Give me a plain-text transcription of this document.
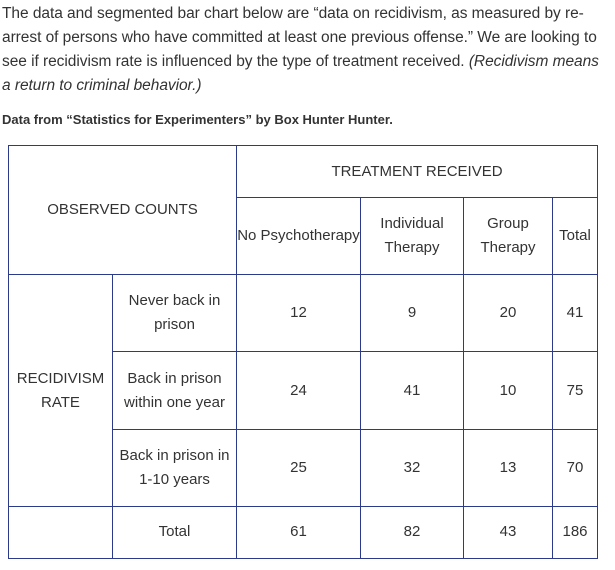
The data and segmented bar chart below are “data on recidivism, as measured by re-arrest of persons who have committed at least one previous offense.” We are looking to see if recidivism rate is influenced by the type of treatment received. (Recidivism means a return to criminal behavior.)
Data from “Statistics for Experimenters” by Box Hunter Hunter.
OBSERVED COUNTS		TREATMENT RECEIVED			
		No Psychotherapy	Individual Therapy	Group Therapy	Total
RECIDIVISM RATE	Never back in prison	12	9	20	41
	Back in prison within one year	24	41	10	75
	Back in prison in 1-10 years	25	32	13	70
	Total	61	82	43	186
